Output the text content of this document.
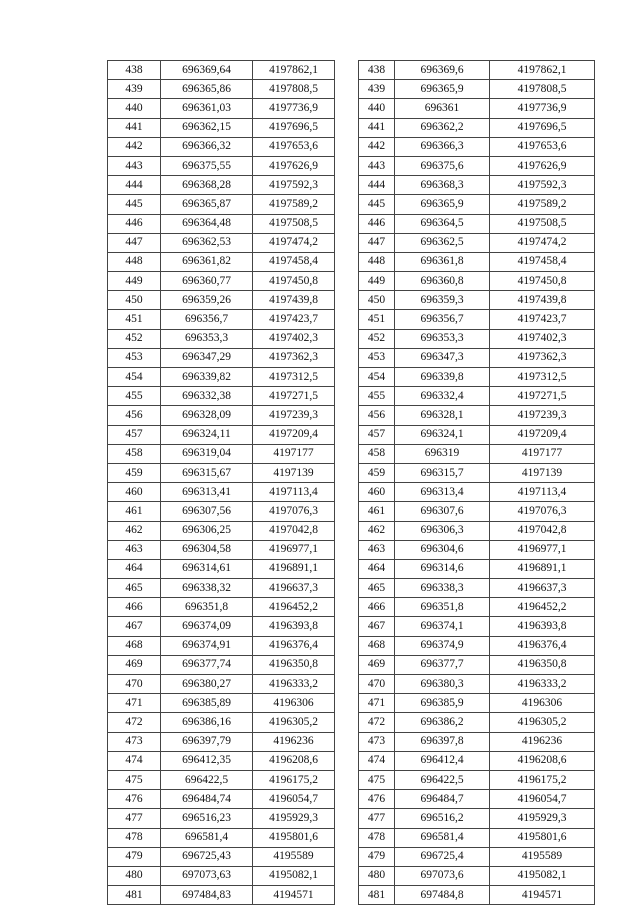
438	696369,64	4197862,1
439	696365,86	4197808,5
440	696361,03	4197736,9
441	696362,15	4197696,5
442	696366,32	4197653,6
443	696375,55	4197626,9
444	696368,28	4197592,3
445	696365,87	4197589,2
446	696364,48	4197508,5
447	696362,53	4197474,2
448	696361,82	4197458,4
449	696360,77	4197450,8
450	696359,26	4197439,8
451	696356,7	4197423,7
452	696353,3	4197402,3
453	696347,29	4197362,3
454	696339,82	4197312,5
455	696332,38	4197271,5
456	696328,09	4197239,3
457	696324,11	4197209,4
458	696319,04	4197177
459	696315,67	4197139
460	696313,41	4197113,4
461	696307,56	4197076,3
462	696306,25	4197042,8
463	696304,58	4196977,1
464	696314,61	4196891,1
465	696338,32	4196637,3
466	696351,8	4196452,2
467	696374,09	4196393,8
468	696374,91	4196376,4
469	696377,74	4196350,8
470	696380,27	4196333,2
471	696385,89	4196306
472	696386,16	4196305,2
473	696397,79	4196236
474	696412,35	4196208,6
475	696422,5	4196175,2
476	696484,74	4196054,7
477	696516,23	4195929,3
478	696581,4	4195801,6
479	696725,43	4195589
480	697073,63	4195082,1
481	697484,83	4194571
438	696369,6	4197862,1
439	696365,9	4197808,5
440	696361	4197736,9
441	696362,2	4197696,5
442	696366,3	4197653,6
443	696375,6	4197626,9
444	696368,3	4197592,3
445	696365,9	4197589,2
446	696364,5	4197508,5
447	696362,5	4197474,2
448	696361,8	4197458,4
449	696360,8	4197450,8
450	696359,3	4197439,8
451	696356,7	4197423,7
452	696353,3	4197402,3
453	696347,3	4197362,3
454	696339,8	4197312,5
455	696332,4	4197271,5
456	696328,1	4197239,3
457	696324,1	4197209,4
458	696319	4197177
459	696315,7	4197139
460	696313,4	4197113,4
461	696307,6	4197076,3
462	696306,3	4197042,8
463	696304,6	4196977,1
464	696314,6	4196891,1
465	696338,3	4196637,3
466	696351,8	4196452,2
467	696374,1	4196393,8
468	696374,9	4196376,4
469	696377,7	4196350,8
470	696380,3	4196333,2
471	696385,9	4196306
472	696386,2	4196305,2
473	696397,8	4196236
474	696412,4	4196208,6
475	696422,5	4196175,2
476	696484,7	4196054,7
477	696516,2	4195929,3
478	696581,4	4195801,6
479	696725,4	4195589
480	697073,6	4195082,1
481	697484,8	4194571
